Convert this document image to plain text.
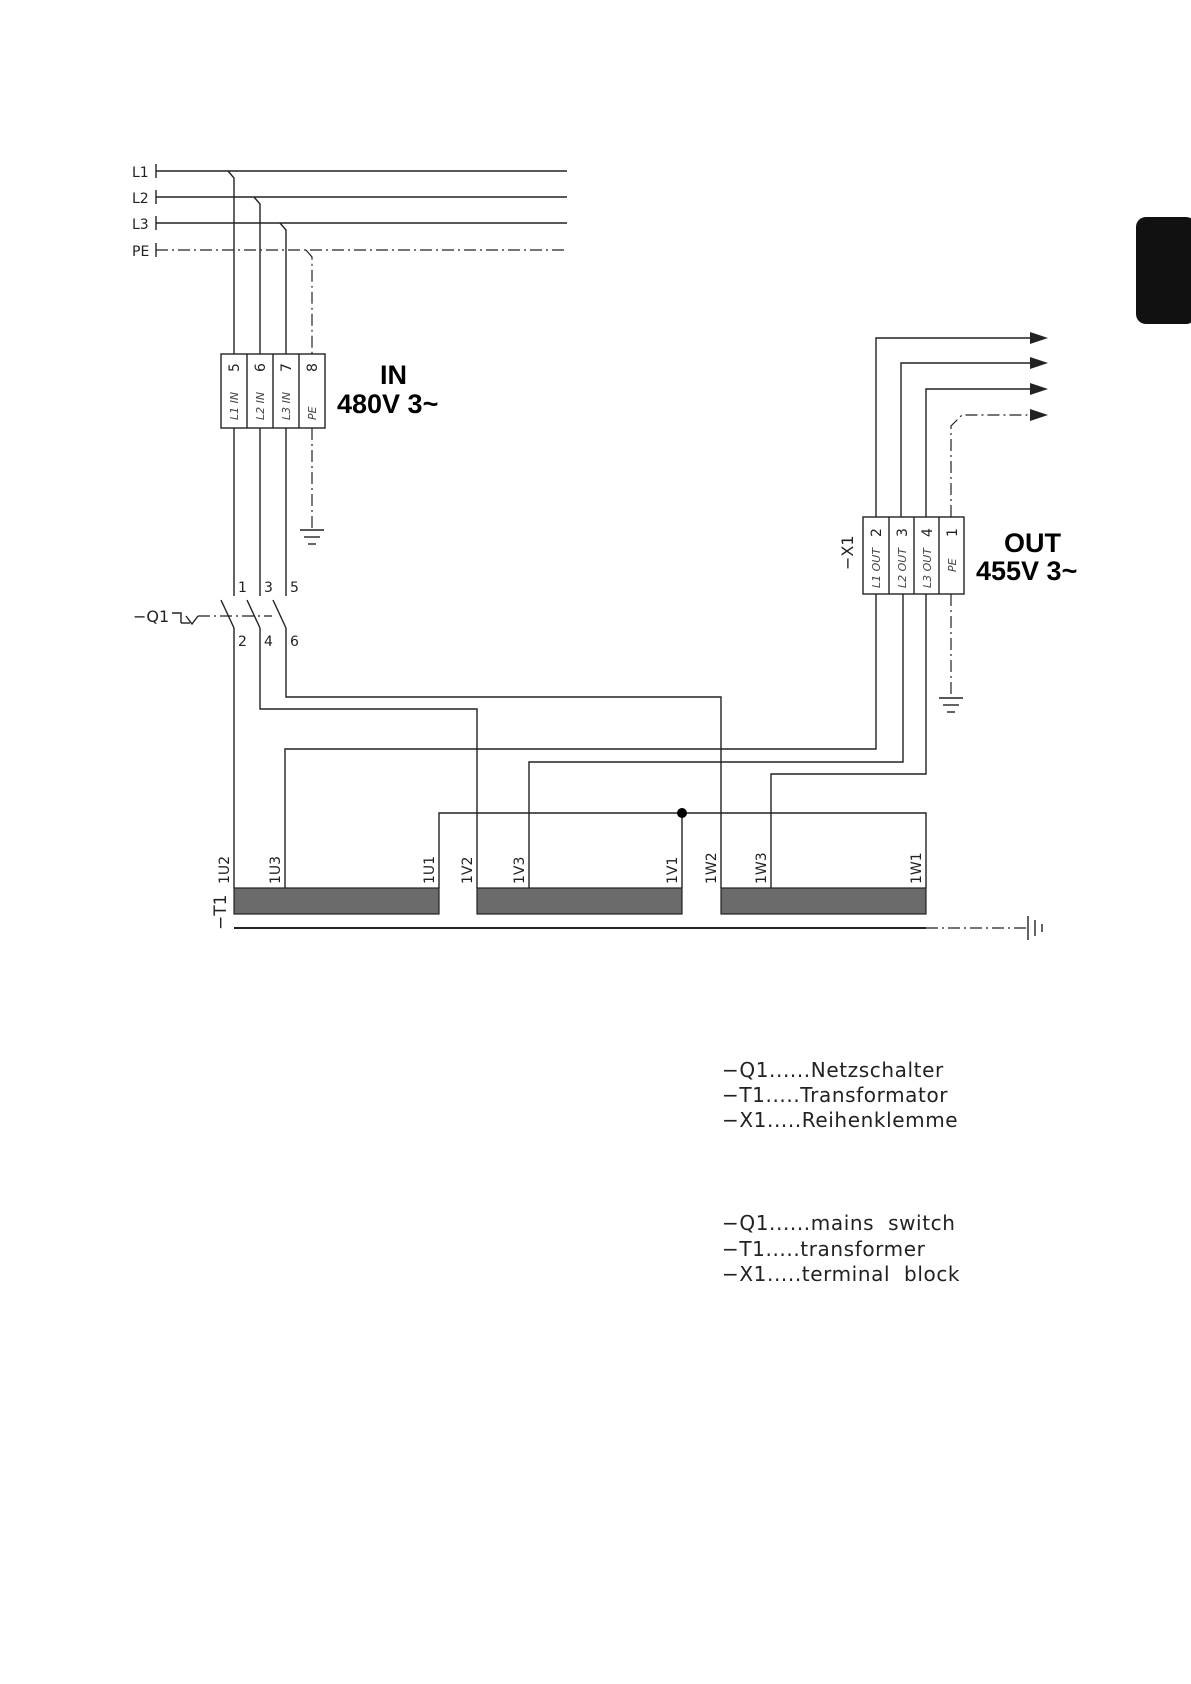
L1
L2
L3
PE
L1 IN
5
L2 IN
6
L3 IN
7
PE
8 IN
480V 3~
−Q1
1 3 5
2 4 6
−T1
1U2	1U3	1U1 1V2	1V3	1V1 1W2 1W3	1W1
−X1 L1 OUT
2
L2 OUT
3
L3 OUT
4
PE
1 OUT
455V 3~
−Q1......Netzschalter
−T1.....Transformator
−X1.....Reihenklemme
−Q1......mains  switch
−T1.....transformer
−X1.....terminal  block
